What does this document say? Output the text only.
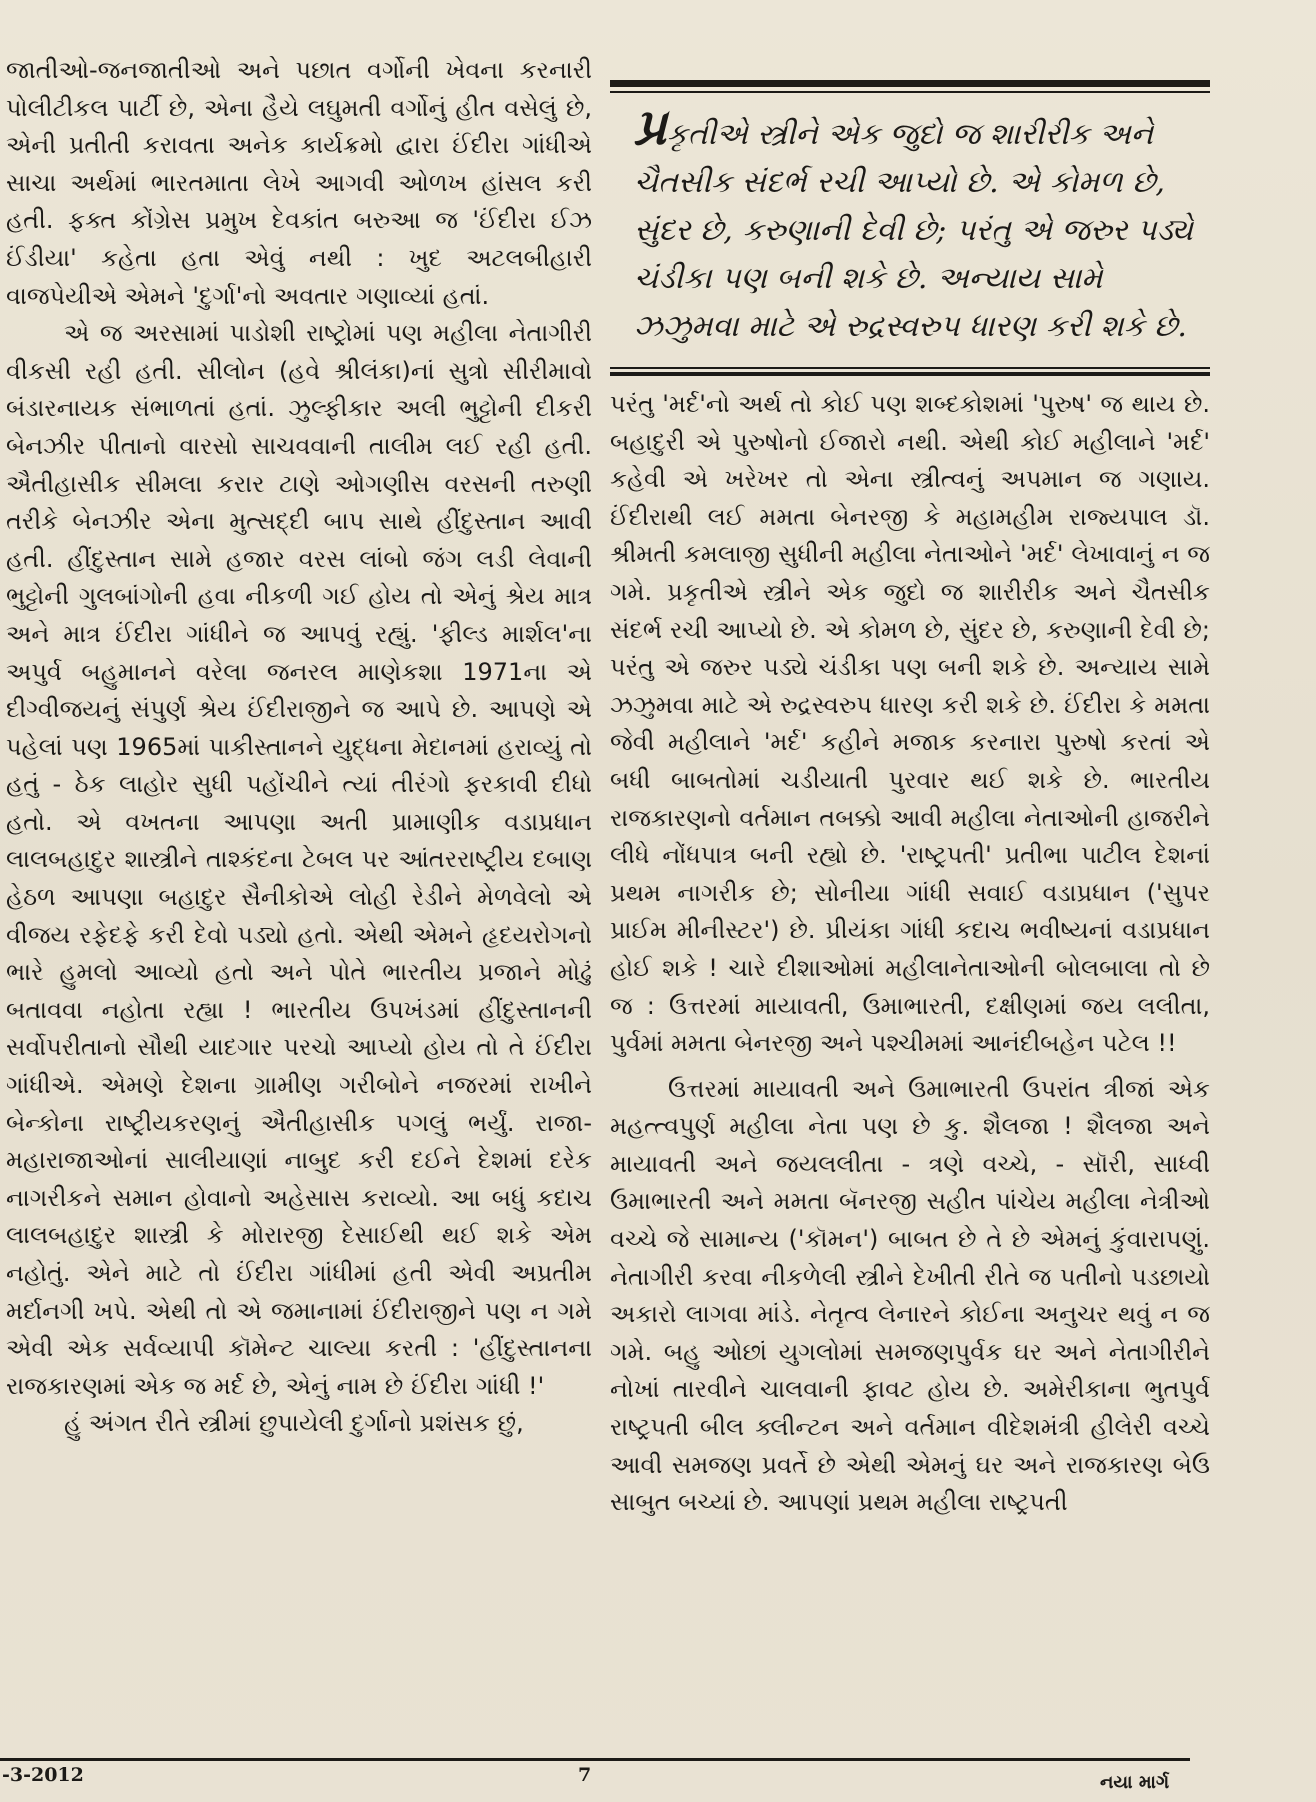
જાતીઓ-જનજાતીઓ અને પછાત વર્ગોની ખેવના કરનારી પોલીટીકલ પાર્ટી છે, એના હૈયે લઘુમતી વર્ગોનું હીત વસેલું છે, એની પ્રતીતી કરાવતા અનેક કાર્યક્રમો દ્વારા ઈંદીરા ગાંધીએ સાચા અર્થમાં ભારતમાતા લેખે આગવી ઓળખ હાંસલ કરી હતી. ફક્ત કોંગ્રેસ પ્રમુખ દેવકાંત બરુઆ જ 'ઈંદીરા ઈઝ ઈંડીયા' કહેતા હતા એવું નથી : ખુદ અટલબીહારી વાજપેયીએ એમને 'દુર્ગા'નો અવતાર ગણાવ્યાં હતાં.

એ જ અરસામાં પાડોશી રાષ્ટ્રોમાં પણ મહીલા નેતાગીરી વીકસી રહી હતી. સીલોન (હવે શ્રીલંકા)નાં સુત્રો સીરીમાવો બંડારનાયક સંભાળતાં હતાં. ઝુલ્ફીકાર અલી ભુટ્ટોની દીકરી બેનઝીર પીતાનો વારસો સાચવવાની તાલીમ લઈ રહી હતી. ઐતીહાસીક સીમલા કરાર ટાણે ઓગણીસ વરસની તરુણી તરીકે બેનઝીર એના મુત્સદ્દી બાપ સાથે હીંદુસ્તાન આવી હતી. હીંદુસ્તાન સામે હજાર વરસ લાંબો જંગ લડી લેવાની ભુટ્ટોની ગુલબાંગોની હવા નીકળી ગઈ હોય તો એનું શ્રેય માત્ર અને માત્ર ઈંદીરા ગાંધીને જ આપવું રહ્યું. 'ફીલ્ડ માર્શલ'ના અપુર્વ બહુમાનને વરેલા જનરલ માણેકશા 1971ના એ દીગ્વીજયનું સંપુર્ણ શ્રેય ઈંદીરાજીને જ આપે છે. આપણે એ પહેલાં પણ 1965માં પાકીસ્તાનને યુદ્ધના મેદાનમાં હરાવ્યું તો હતું - ઠેક લાહોર સુધી પહોંચીને ત્યાં તીરંગો ફરકાવી દીધો હતો. એ વખતના આપણા અતી પ્રામાણીક વડાપ્રધાન લાલબહાદુર શાસ્ત્રીને તાશ્કંદના ટેબલ પર આંતરરાષ્ટ્રીય દબાણ હેઠળ આપણા બહાદુર સૈનીકોએ લોહી રેડીને મેળવેલો એ વીજય રફેદફે કરી દેવો પડ્યો હતો. એથી એમને હૃદયરોગનો ભારે હુમલો આવ્યો હતો અને પોતે ભારતીય પ્રજાને મોઢું બતાવવા નહોતા રહ્યા ! ભારતીય ઉપખંડમાં હીંદુસ્તાનની સર્વોપરીતાનો સૌથી યાદગાર પરચો આપ્યો હોય તો તે ઈંદીરા ગાંધીએ. એમણે દેશના ગ્રામીણ ગરીબોને નજરમાં રાખીને બેન્કોના રાષ્ટ્રીયકરણનું ઐતીહાસીક પગલું ભર્યું. રાજા-મહારાજાઓનાં સાલીયાણાં નાબુદ કરી દઈને દેશમાં દરેક નાગરીકને સમાન હોવાનો અહેસાસ કરાવ્યો. આ બધું કદાચ લાલબહાદુર શાસ્ત્રી કે મોરારજી દેસાઈથી થઈ શકે એમ નહોતું. એને માટે તો ઈંદીરા ગાંધીમાં હતી એવી અપ્રતીમ મર્દાનગી ખપે. એથી તો એ જમાનામાં ઈંદીરાજીને પણ ન ગમે એવી એક સર્વવ્યાપી કૉમેન્ટ ચાલ્યા કરતી : 'હીંદુસ્તાનના રાજકારણમાં એક જ મર્દ છે, એનું નામ છે ઈંદીરા ગાંધી !'

હું અંગત રીતે સ્ત્રીમાં છુપાયેલી દુર્ગાનો પ્રશંસક છું,

પ્રકૃતીએ સ્ત્રીને એક જુદો જ શારીરીક અને ચૈતસીક સંદર્ભ રચી આપ્યો છે. એ કોમળ છે, સુંદર છે, કરુણાની દેવી છે; પરંતુ એ જરુર પડ્યે ચંડીકા પણ બની શકે છે. અન્યાય સામે ઝઝુમવા માટે એ રુદ્રસ્વરુપ ધારણ કરી શકે છે.

પરંતુ 'મર્દ'નો અર્થ તો કોઈ પણ શબ્દકોશમાં 'પુરુષ' જ થાય છે. બહાદુરી એ પુરુષોનો ઈજારો નથી. એથી કોઈ મહીલાને 'મર્દ' કહેવી એ ખરેખર તો એના સ્ત્રીત્વનું અપમાન જ ગણાય. ઈંદીરાથી લઈ મમતા બેનરજી કે મહામહીમ રાજ્યપાલ ડૉ. શ્રીમતી કમલાજી સુધીની મહીલા નેતાઓને 'મર્દ' લેખાવાનું ન જ ગમે. પ્રકૃતીએ સ્ત્રીને એક જુદો જ શારીરીક અને ચૈતસીક સંદર્ભ રચી આપ્યો છે. એ કોમળ છે, સુંદર છે, કરુણાની દેવી છે; પરંતુ એ જરુર પડ્યે ચંડીકા પણ બની શકે છે. અન્યાય સામે ઝઝુમવા માટે એ રુદ્રસ્વરુપ ધારણ કરી શકે છે. ઈંદીરા કે મમતા જેવી મહીલાને 'મર્દ' કહીને મજાક કરનારા પુરુષો કરતાં એ બધી બાબતોમાં ચડીયાતી પુરવાર થઈ શકે છે. ભારતીય રાજકારણનો વર્તમાન તબક્કો આવી મહીલા નેતાઓની હાજરીને લીધે નોંધપાત્ર બની રહ્યો છે. 'રાષ્ટ્રપતી' પ્રતીભા પાટીલ દેશનાં પ્રથમ નાગરીક છે; સોનીયા ગાંધી સવાઈ વડાપ્રધાન ('સુપર પ્રાઈમ મીનીસ્ટર') છે. પ્રીયંકા ગાંધી કદાચ ભવીષ્યનાં વડાપ્રધાન હોઈ શકે ! ચારે દીશાઓમાં મહીલાનેતાઓની બોલબાલા તો છે જ : ઉત્તરમાં માયાવતી, ઉમાભારતી, દક્ષીણમાં જય લલીતા, પુર્વમાં મમતા બેનરજી અને પશ્ચીમમાં આનંદીબહેન પટેલ !!

ઉત્તરમાં માયાવતી અને ઉમાભારતી ઉપરાંત ત્રીજાં એક મહત્ત્વપુર્ણ મહીલા નેતા પણ છે કુ. શૈલજા ! શૈલજા અને માયાવતી અને જયલલીતા - ત્રણે વચ્ચે, - સૉરી, સાધ્વી ઉમાભારતી અને મમતા બૅનરજી સહીત પાંચેય મહીલા નેત્રીઓ વચ્ચે જે સામાન્ય ('કૉમન') બાબત છે તે છે એમનું કુંવારાપણું. નેતાગીરી કરવા નીકળેલી સ્ત્રીને દેખીતી રીતે જ પતીનો પડછાયો અકારો લાગવા માંડે. નેતૃત્વ લેનારને કોઈના અનુચર થવું ન જ ગમે. બહુ ઓછાં યુગલોમાં સમજણપુર્વક ઘર અને નેતાગીરીને નોખાં તારવીને ચાલવાની ફાવટ હોય છે. અમેરીકાના ભુતપુર્વ રાષ્ટ્રપતી બીલ ક્લીન્ટન અને વર્તમાન વીદેશમંત્રી હીલેરી વચ્ચે આવી સમજણ પ્રવર્તે છે એથી એમનું ઘર અને રાજકારણ બેઉ સાબુત બચ્યાં છે. આપણાં પ્રથમ મહીલા રાષ્ટ્રપતી

-3-2012	7	નયા માર્ગ
